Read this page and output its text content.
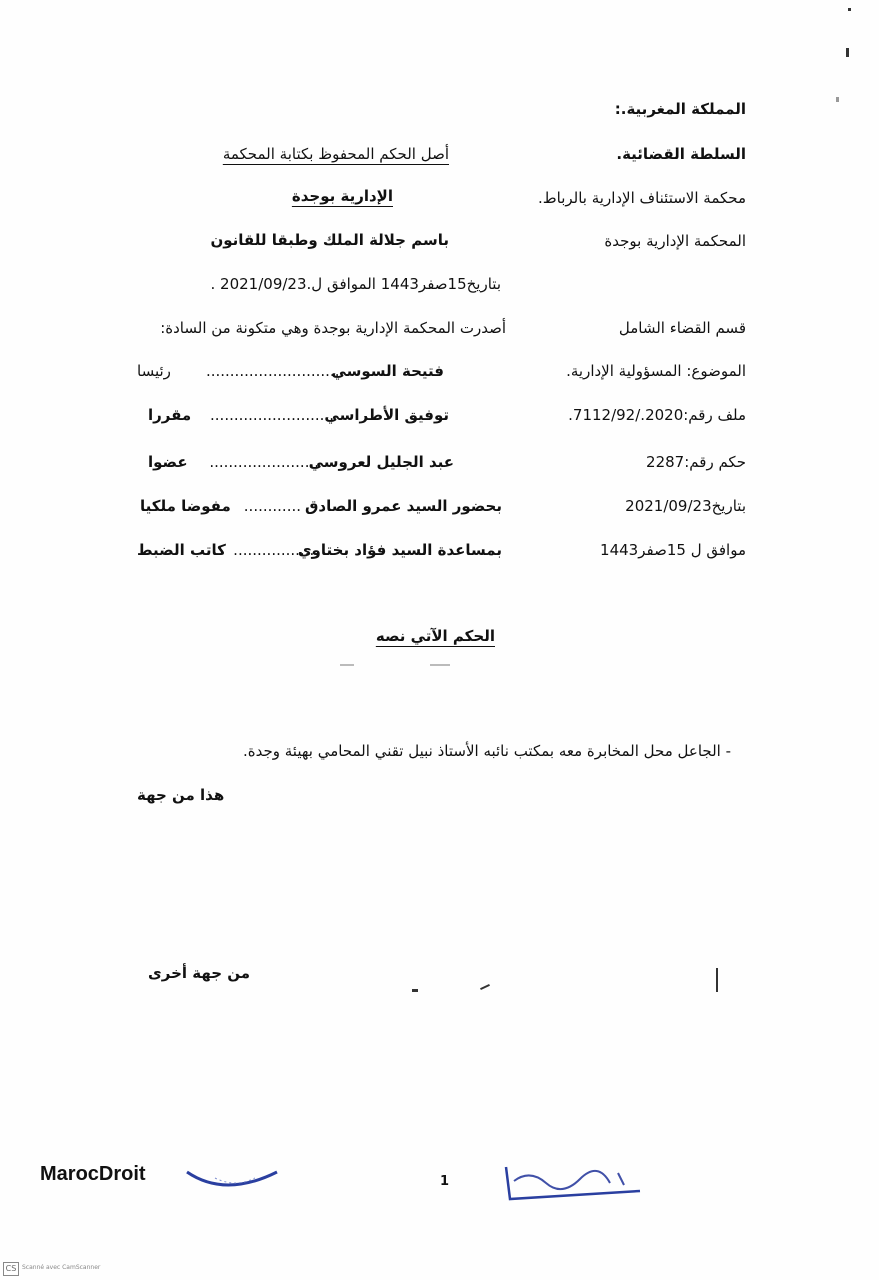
المملكة المغربية.:
السلطة القضائية.
محكمة الاستئناف الإدارية بالرباط.
المحكمة الإدارية بوجدة
أصل الحكم المحفوظ بكتابة المحكمة
الإدارية بوجدة
باسم جلالة الملك وطبقا للقانون
بتاريخ15صفر1443 الموافق ل.2021/09/23 .
قسم القضاء الشامل
الموضوع: المسؤولية الإدارية.
ملف رقم:2020./7112/92.
حكم رقم:2287
بتاريخ2021/09/23
موافق ل 15صفر1443
أصدرت المحكمة الإدارية بوجدة وهي متكونة من السادة:
فتيحة السوسي
..............................
رئيسا
توفيق الأطراسي
..........................
مقررا
عبد الجليل لعروسي
.......................
عضوا
بحضور السيد عمرو الصادق
............
مفوضا ملكيا
بمساعدة السيد فؤاد بختاوي
..................
كاتب الضبط
الحكم الآتي نصه
- الجاعل محل المخابرة معه بمكتب نائبه الأستاذ نبيل تقني المحامي بهيئة وجدة.
هذا من جهة
من جهة أخرى
MarocDroit	1
CS Scanné avec CamScanner
